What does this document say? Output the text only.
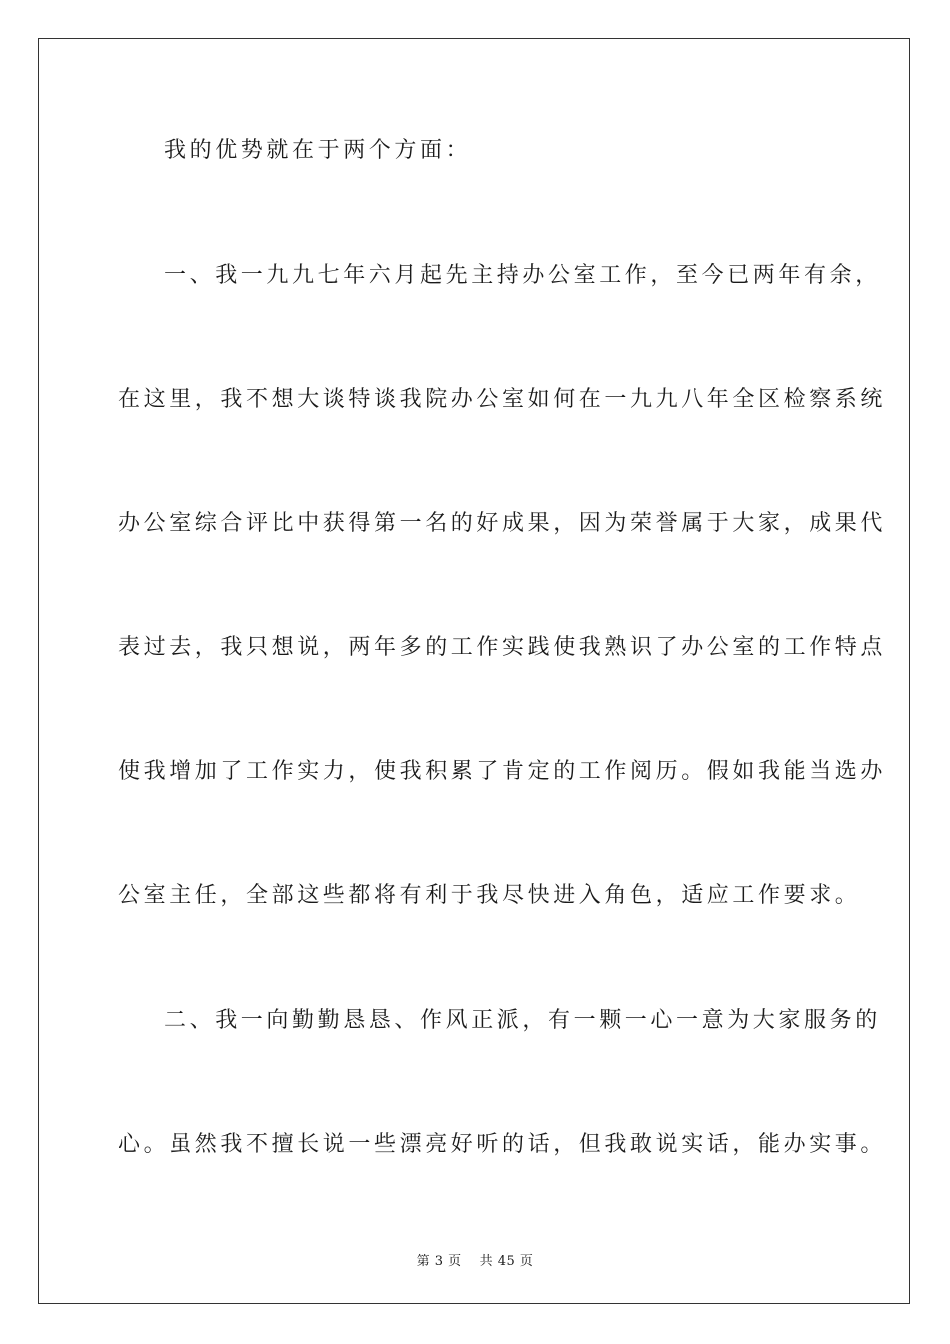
我的优势就在于两个方面：
一、我一九九七年六月起先主持办公室工作，至今已两年有余，
在这里，我不想大谈特谈我院办公室如何在一九九八年全区检察系统
办公室综合评比中获得第一名的好成果，因为荣誉属于大家，成果代
表过去，我只想说，两年多的工作实践使我熟识了办公室的工作特点
使我增加了工作实力，使我积累了肯定的工作阅历。假如我能当选办
公室主任，全部这些都将有利于我尽快进入角色，适应工作要求。
二、我一向勤勤恳恳、作风正派，有一颗一心一意为大家服务的
心。虽然我不擅长说一些漂亮好听的话，但我敢说实话，能办实事。
第 3 页 共 45 页
